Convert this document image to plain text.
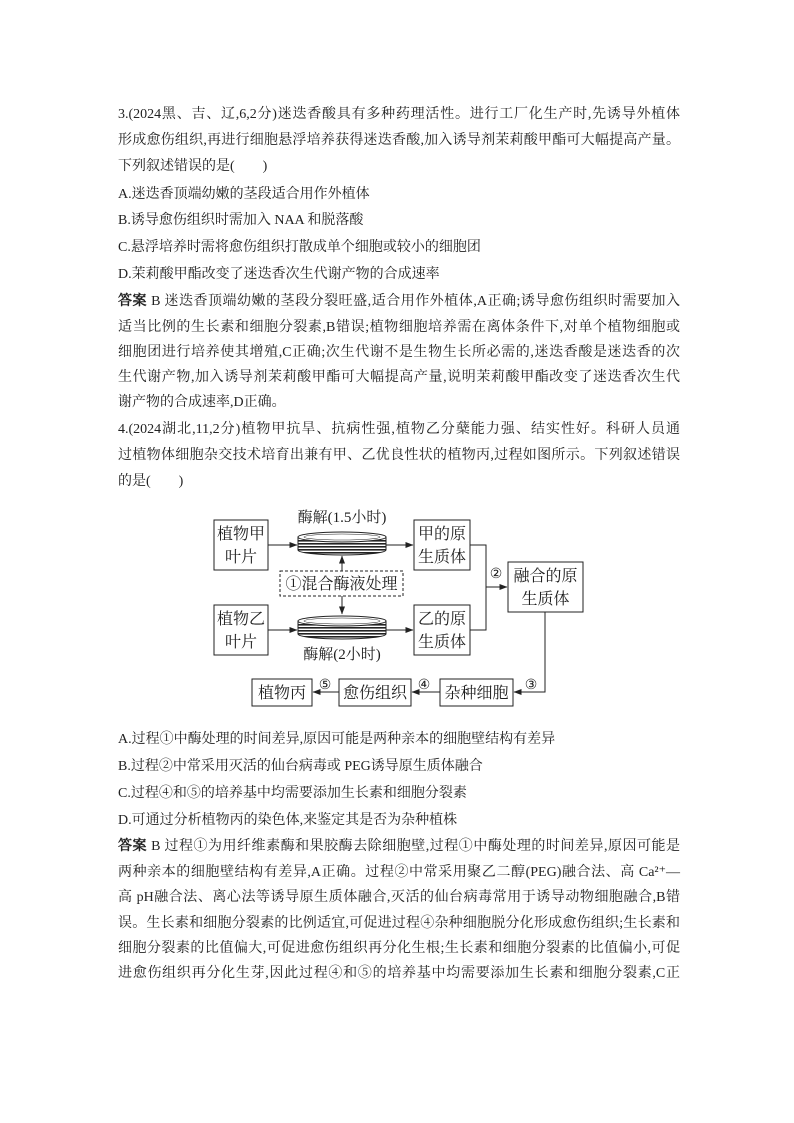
3.(2024黑、吉、辽,6,2分)迷迭香酸具有多种药理活性。进行工厂化生产时,先诱导外植体
形成愈伤组织,再进行细胞悬浮培养获得迷迭香酸,加入诱导剂茉莉酸甲酯可大幅提高产量。
下列叙述错误的是(　　)
A.迷迭香顶端幼嫩的茎段适合用作外植体
B.诱导愈伤组织时需加入 NAA 和脱落酸
C.悬浮培养时需将愈伤组织打散成单个细胞或较小的细胞团
D.茉莉酸甲酯改变了迷迭香次生代谢产物的合成速率
答案 B 迷迭香顶端幼嫩的茎段分裂旺盛,适合用作外植体,A正确;诱导愈伤组织时需要加入
适当比例的生长素和细胞分裂素,B错误;植物细胞培养需在离体条件下,对单个植物细胞或
细胞团进行培养使其增殖,C正确;次生代谢不是生物生长所必需的,迷迭香酸是迷迭香的次
生代谢产物,加入诱导剂茉莉酸甲酯可大幅提高产量,说明茉莉酸甲酯改变了迷迭香次生代
谢产物的合成速率,D正确。
4.(2024湖北,11,2分)植物甲抗旱、抗病性强,植物乙分蘖能力强、结实性好。科研人员通
过植物体细胞杂交技术培育出兼有甲、乙优良性状的植物丙,过程如图所示。下列叙述错误
的是(　　)
植物甲
叶片
酶解(1.5小时)
甲的原
生质体
①混合酶液处理
植物乙
叶片
酶解(2小时)
乙的原
生质体
② 融合的原
生质体
③
杂种细胞
④
愈伤组织
⑤
植物丙
A.过程①中酶处理的时间差异,原因可能是两种亲本的细胞壁结构有差异
B.过程②中常采用灭活的仙台病毒或 PEG诱导原生质体融合
C.过程④和⑤的培养基中均需要添加生长素和细胞分裂素
D.可通过分析植物丙的染色体,来鉴定其是否为杂种植株
答案 B 过程①为用纤维素酶和果胶酶去除细胞壁,过程①中酶处理的时间差异,原因可能是
两种亲本的细胞壁结构有差异,A正确。过程②中常采用聚乙二醇(PEG)融合法、高 Ca²⁺—
高 pH融合法、离心法等诱导原生质体融合,灭活的仙台病毒常用于诱导动物细胞融合,B错
误。生长素和细胞分裂素的比例适宜,可促进过程④杂种细胞脱分化形成愈伤组织;生长素和
细胞分裂素的比值偏大,可促进愈伤组织再分化生根;生长素和细胞分裂素的比值偏小,可促
进愈伤组织再分化生芽,因此过程④和⑤的培养基中均需要添加生长素和细胞分裂素,C正
